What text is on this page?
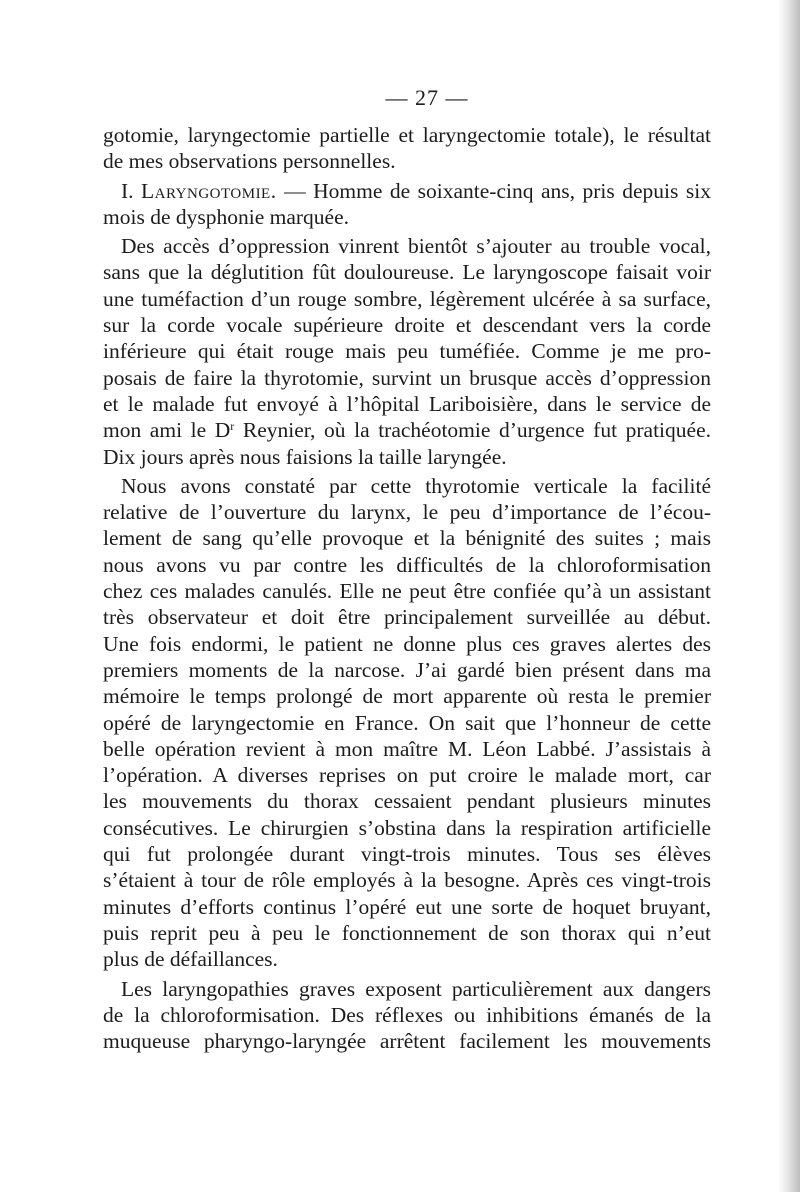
— 27 —
gotomie, laryngectomie partielle et laryngectomie totale), le résultat
de mes observations personnelles.
I. Laryngotomie. — Homme de soixante-cinq ans, pris depuis six
mois de dysphonie marquée.
Des accès d’oppression vinrent bientôt s’ajouter au trouble vocal,
sans que la déglutition fût douloureuse. Le laryngoscope faisait voir
une tuméfaction d’un rouge sombre, légèrement ulcérée à sa surface,
sur la corde vocale supérieure droite et descendant vers la corde
inférieure qui était rouge mais peu tuméfiée. Comme je me pro-
posais de faire la thyrotomie, survint un brusque accès d’oppression
et le malade fut envoyé à l’hôpital Lariboisière, dans le service de
mon ami le $D^r$ Reynier, où la trachéotomie d’urgence fut pratiquée.
Dix jours après nous faisions la taille laryngée.
Nous avons constaté par cette thyrotomie verticale la facilité
relative de l’ouverture du larynx, le peu d’importance de l’écou-
lement de sang qu’elle provoque et la bénignité des suites ; mais
nous avons vu par contre les difficultés de la chloroformisation
chez ces malades canulés. Elle ne peut être confiée qu’à un assistant
très observateur et doit être principalement surveillée au début.
Une fois endormi, le patient ne donne plus ces graves alertes des
premiers moments de la narcose. J’ai gardé bien présent dans ma
mémoire le temps prolongé de mort apparente où resta le premier
opéré de laryngectomie en France. On sait que l’honneur de cette
belle opération revient à mon maître M. Léon Labbé. J’assistais à
l’opération. A diverses reprises on put croire le malade mort, car
les mouvements du thorax cessaient pendant plusieurs minutes
consécutives. Le chirurgien s’obstina dans la respiration artificielle
qui fut prolongée durant vingt-trois minutes. Tous ses élèves
s’étaient à tour de rôle employés à la besogne. Après ces vingt-trois
minutes d’efforts continus l’opéré eut une sorte de hoquet bruyant,
puis reprit peu à peu le fonctionnement de son thorax qui n’eut
plus de défaillances.
Les laryngopathies graves exposent particulièrement aux dangers
de la chloroformisation. Des réflexes ou inhibitions émanés de la
muqueuse pharyngo-laryngée arrêtent facilement les mouvements
